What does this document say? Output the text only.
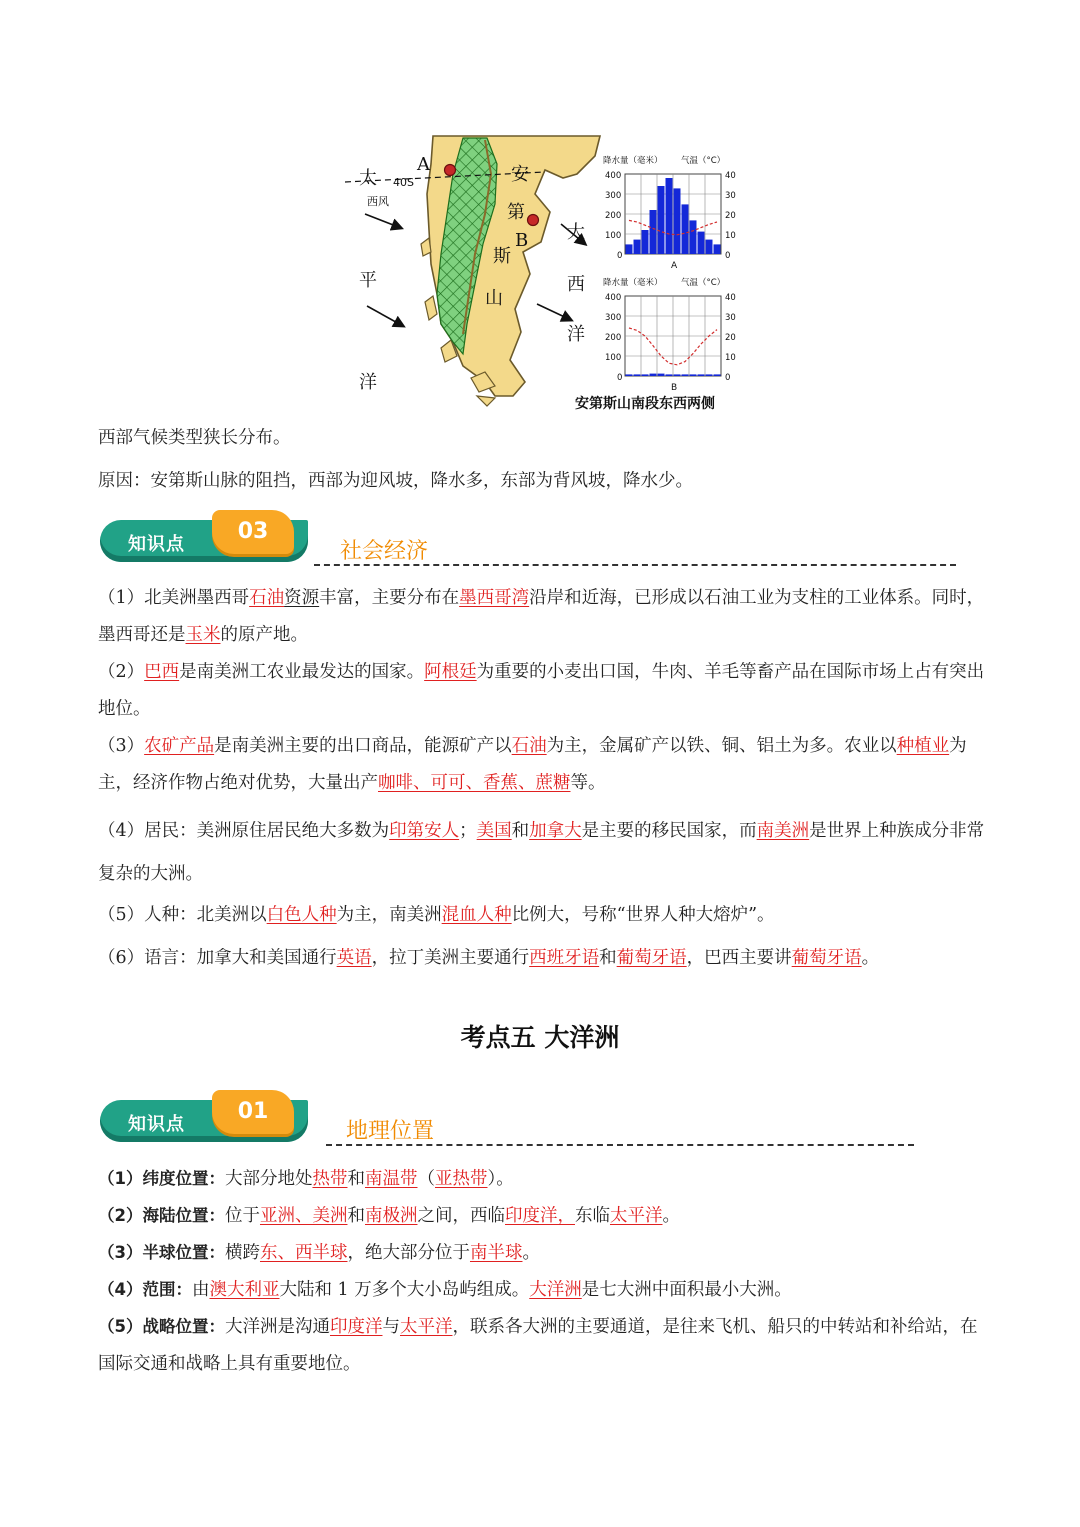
太 40S
西风
平
洋
A
B
安
第
斯
山
大
西
洋
降水量（毫米） 气温（°C）
400
300
200
100
0
40
30
20
10
0
A
降水量（毫米） 气温（°C）
400
300
200
100
0
40
30
20
10
0
B
安第斯山南段东西两侧

西部气候类型狭长分布。

原因：安第斯山脉的阻挡，西部为迎风坡，降水多，东部为背风坡，降水少。

知识点
03
社会经济

（1）北美洲墨西哥石油资源丰富，主要分布在墨西哥湾沿岸和近海，已形成以石油工业为支柱的工业体系。同时，墨西哥还是玉米的原产地。

（2）巴西是南美洲工农业最发达的国家。阿根廷为重要的小麦出口国，牛肉、羊毛等畜产品在国际市场上占有突出地位。

（3）农矿产品是南美洲主要的出口商品，能源矿产以石油为主，金属矿产以铁、铜、铝土为多。农业以种植业为主，经济作物占绝对优势，大量出产咖啡、可可、香蕉、蔗糖等。

（4）居民：美洲原住居民绝大多数为印第安人；美国和加拿大是主要的移民国家，而南美洲是世界上种族成分非常复杂的大洲。

（5）人种：北美洲以白色人种为主，南美洲混血人种比例大，号称“世界人种大熔炉”。

（6）语言：加拿大和美国通行英语，拉丁美洲主要通行西班牙语和葡萄牙语，巴西主要讲葡萄牙语。

考点五 大洋洲
知识点
01
地理位置

（1）纬度位置：大部分地处热带和南温带（亚热带）。

（2）海陆位置：位于亚洲、美洲和南极洲之间，西临印度洋，东临太平洋。

（3）半球位置：横跨东、西半球，绝大部分位于南半球。

（4）范围：由澳大利亚大陆和 1 万多个大小岛屿组成。大洋洲是七大洲中面积最小大洲。

（5）战略位置：大洋洲是沟通印度洋与太平洋，联系各大洲的主要通道，是往来飞机、船只的中转站和补给站，在国际交通和战略上具有重要地位。
